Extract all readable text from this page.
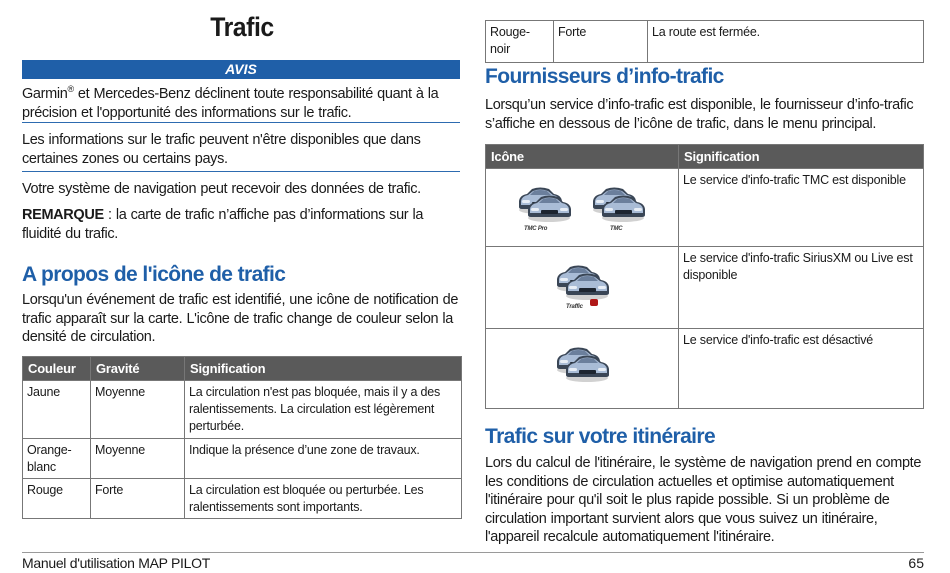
Trafic
AVIS
Garmin® et Mercedes-Benz déclinent toute responsabilité quant à la précision et l'opportunité des informations sur le trafic.
Les informations sur le trafic peuvent n'être disponibles que dans certaines zones ou certains pays.
Votre système de navigation peut recevoir des données de trafic.
REMARQUE : la carte de trafic n’affiche pas d’informations sur la fluidité du trafic.
A propos de l'icône de trafic
Lorsqu'un événement de trafic est identifié, une icône de notification de trafic apparaît sur la carte. L'icône de trafic change de couleur selon la densité de circulation.
Couleur	Gravité	Signification
Jaune	Moyenne	La circulation n'est pas bloquée, mais il y a des ralentissements. La circulation est légèrement perturbée.
Orange-blanc	Moyenne	Indique la présence d’une zone de travaux.
Rouge	Forte	La circulation est bloquée ou perturbée. Les ralentissements sont importants.
Rouge-noir	Forte	La route est fermée.
Fournisseurs d’info-trafic
Lorsqu’un service d’info-trafic est disponible, le fournisseur d’info-trafic s’affiche en dessous de l’icône de trafic, dans le menu principal.
Icône	Signification

TMC Pro TMC	Le service d'info-trafic TMC est disponible

Traffic	Le service d'info-trafic SiriusXM ou Live est disponible

	Le service d'info-trafic est désactivé
Trafic sur votre itinéraire
Lors du calcul de l'itinéraire, le système de navigation prend en compte les conditions de circulation actuelles et optimise automatiquement l'itinéraire pour qu'il soit le plus rapide possible. Si un problème de circulation important survient alors que vous suivez un itinéraire, l'appareil recalcule automatiquement l'itinéraire.
Manuel d'utilisation MAP PILOT	65
